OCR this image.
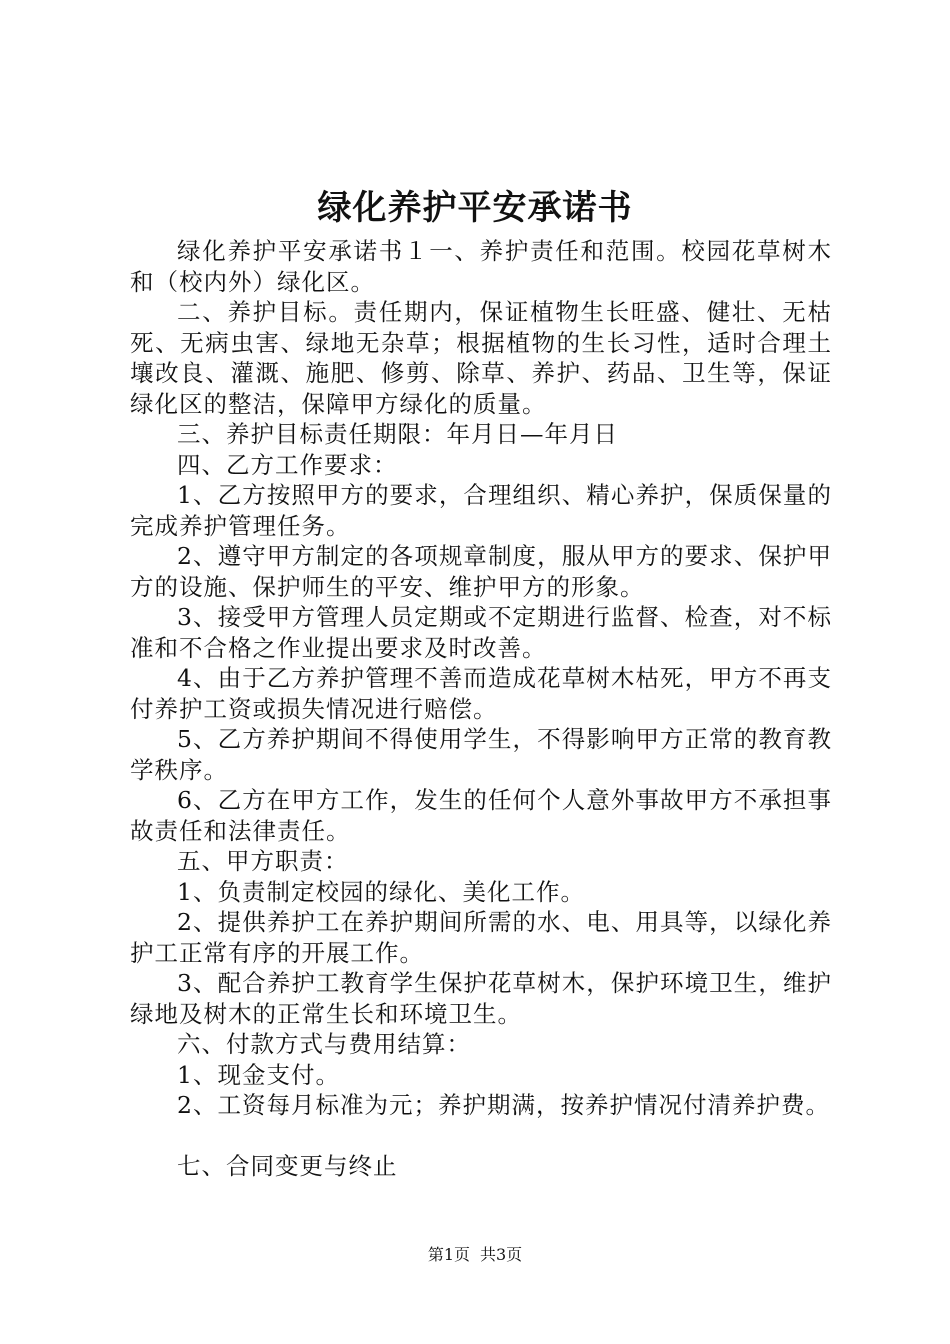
绿化养护平安承诺书

绿化养护平安承诺书１一、养护责任和范围。校园花草树木和（校内外）绿化区。

二、养护目标。责任期内，保证植物生长旺盛、健壮、无枯死、无病虫害、绿地无杂草；根据植物的生长习性，适时合理土壤改良、灌溉、施肥、修剪、除草、养护、药品、卫生等，保证绿化区的整洁，保障甲方绿化的质量。

三、养护目标责任期限：年月日—年月日

四、乙方工作要求：

1、乙方按照甲方的要求，合理组织、精心养护，保质保量的完成养护管理任务。

2、遵守甲方制定的各项规章制度，服从甲方的要求、保护甲方的设施、保护师生的平安、维护甲方的形象。

3、接受甲方管理人员定期或不定期进行监督、检查，对不标准和不合格之作业提出要求及时改善。

4、由于乙方养护管理不善而造成花草树木枯死，甲方不再支付养护工资或损失情况进行赔偿。

5、乙方养护期间不得使用学生，不得影响甲方正常的教育教学秩序。

6、乙方在甲方工作，发生的任何个人意外事故甲方不承担事故责任和法律责任。

五、甲方职责：

1、负责制定校园的绿化、美化工作。

2、提供养护工在养护期间所需的水、电、用具等，以绿化养护工正常有序的开展工作。

3、配合养护工教育学生保护花草树木，保护环境卫生，维护绿地及树木的正常生长和环境卫生。

六、付款方式与费用结算：

1、现金支付。

2、工资每月标准为元；养护期满，按养护情况付清养护费。

七、合同变更与终止

第1页 共3页
